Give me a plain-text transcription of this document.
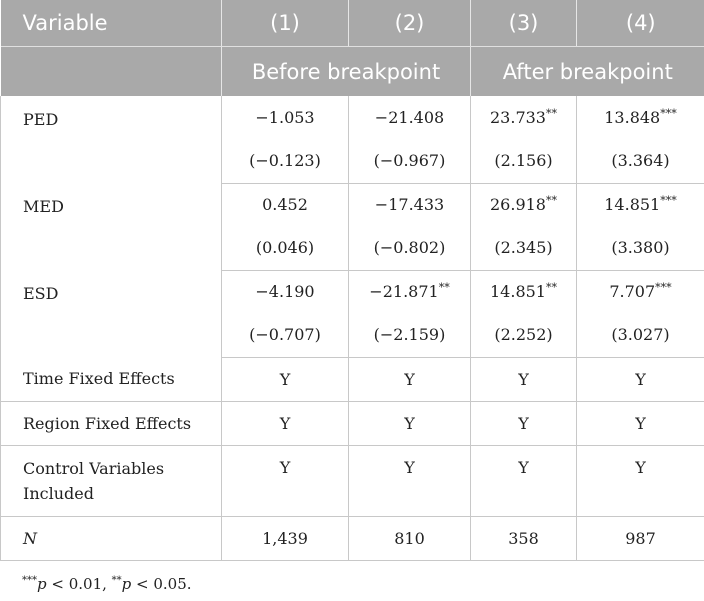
Variable	(1)	(2)	(3)	(4)
	Before breakpoint		After breakpoint	
PED	−1.053	−21.408	23.733**	13.848***
	(−0.123)	(−0.967)	(2.156)	(3.364)
MED	0.452	−17.433	26.918**	14.851***
	(0.046)	(−0.802)	(2.345)	(3.380)
ESD	−4.190	−21.871**	14.851**	7.707***
	(−0.707)	(−2.159)	(2.252)	(3.027)
Time Fixed Effects	Y	Y	Y	Y
Region Fixed Effects	Y	Y	Y	Y
Control Variables
Included	Y	Y	Y	Y
N	1,439	810	358	987
***p < 0.01, **p < 0.05.
